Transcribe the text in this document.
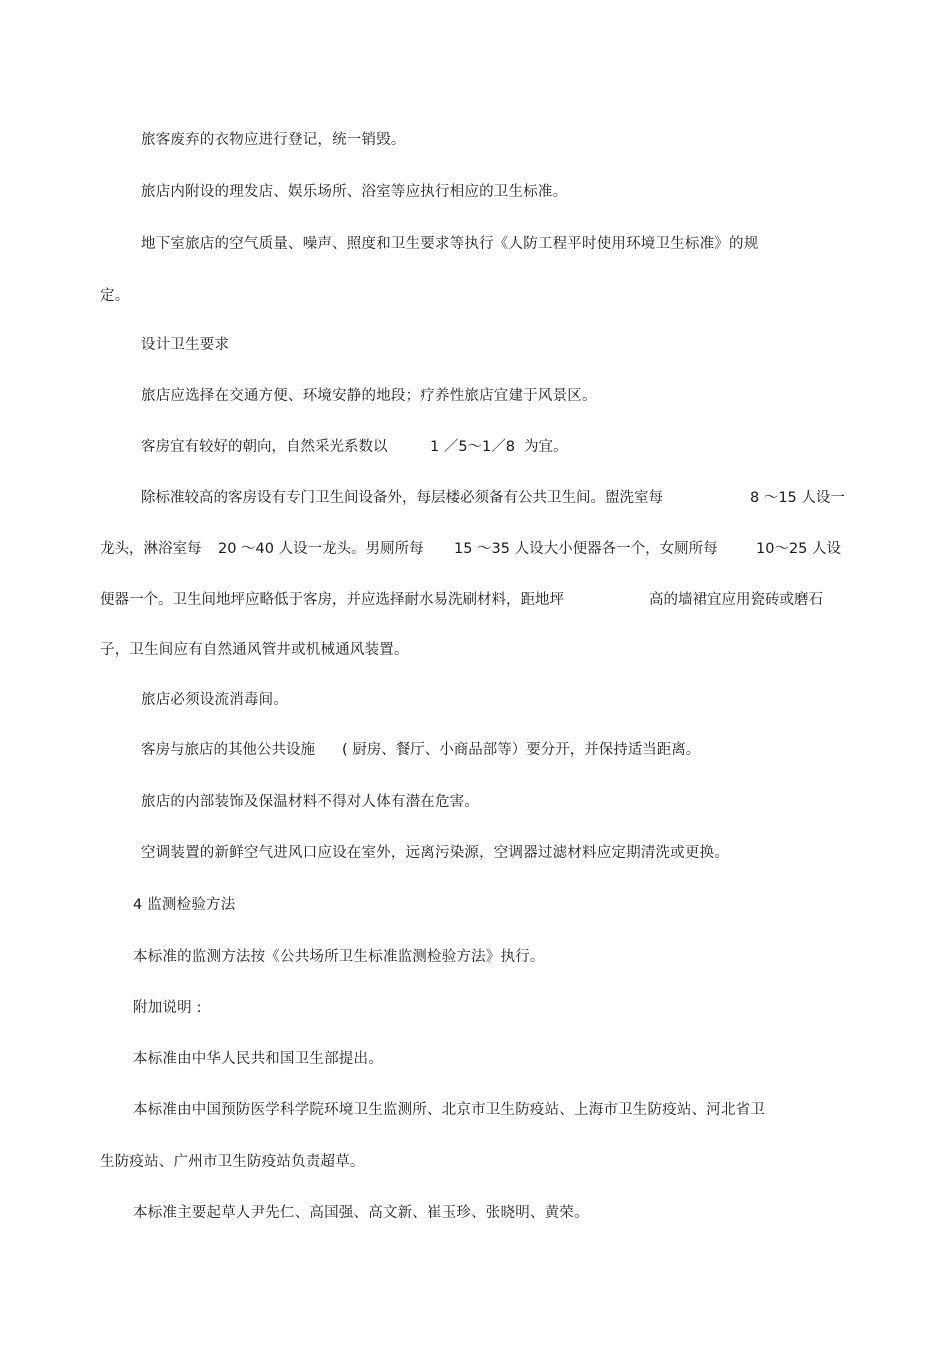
旅客废弃的衣物应进行登记，统一销毁。
旅店内附设的理发店、娱乐场所、浴室等应执行相应的卫生标准。
地下室旅店的空气质量、噪声、照度和卫生要求等执行《人防工程平时使用环境卫生标准》的规
定。
设计卫生要求
旅店应选择在交通方便、环境安静的地段；疗养性旅店宜建于风景区。
客房宜有较好的朝向，自然采光系数以	1 ／5～1／8 为宜。
除标准较高的客房设有专门卫生间设备外，每层楼必须备有公共卫生间。盥洗室每	8 ～15 人设一
龙头，淋浴室每 20 ～40 人设一龙头。男厕所每 15 ～35 人设大小便器各一个，女厕所每	10～25 人设
便器一个。卫生间地坪应略低于客房，并应选择耐水易洗刷材料，距地坪	高的墙裙宜应用瓷砖或磨石
子，卫生间应有自然通风管井或机械通风装置。
旅店必须设流消毒间。
客房与旅店的其他公共设施 ( 厨房、餐厅、小商品部等）要分开，并保持适当距离。
旅店的内部装饰及保温材料不得对人体有潜在危害。
空调装置的新鲜空气进风口应设在室外，远离污染源，空调器过滤材料应定期清洗或更换。
4 监测检验方法
本标准的监测方法按《公共场所卫生标准监测检验方法》执行。
附加说明 :
本标准由中华人民共和国卫生部提出。
本标准由中国预防医学科学院环境卫生监测所、北京市卫生防疫站、上海市卫生防疫站、河北省卫
生防疫站、广州市卫生防疫站负责超草。
本标准主要起草人尹先仁、高国强、高文新、崔玉珍、张晓明、黄荣。
